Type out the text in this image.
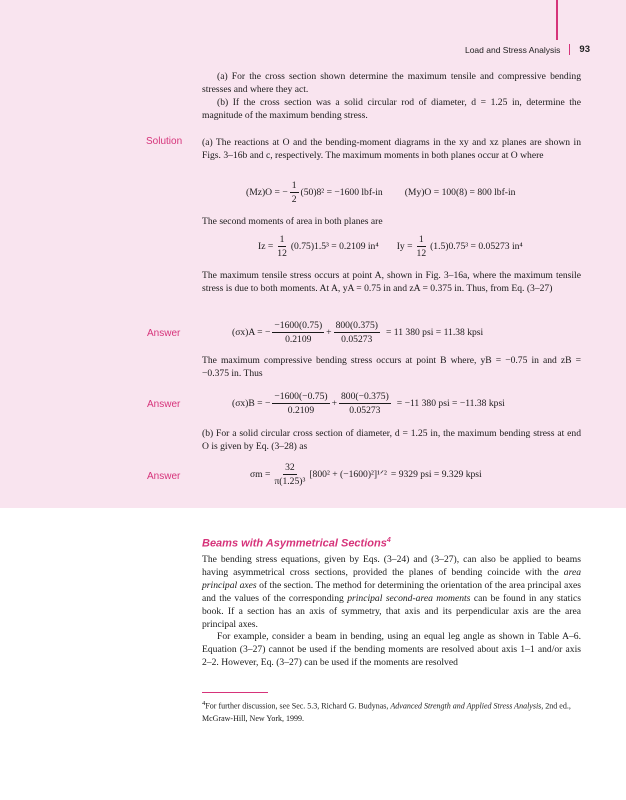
Load and Stress Analysis 93

(a) For the cross section shown determine the maximum tensile and compressive bending stresses and where they act.

(b) If the cross section was a solid circular rod of diameter, d = 1.25 in, determine the magnitude of the maximum bending stress.

Solution (a) The reactions at O and the bending-moment diagrams in the xy and xz planes are shown in Figs. 3–16b and c, respectively. The maximum moments in both planes occur at O where

(Mz)O = − $\frac{1}{2} (50)8^2 = -1600$ lbf-in (My)O = 100(8) = 800 lbf-in

The second moments of area in both planes are

$Iz = \frac{1}{12} (0.75)1.5^3 = 0.2109$ in⁴ $Iy = \frac{1}{12} (1.5)0.75^3 = 0.05273$ in⁴

The maximum tensile stress occurs at point A, shown in Fig. 3–16a, where the maximum tensile stress is due to both moments. At A, yA = 0.75 in and zA = 0.375 in. Thus, from Eq. (3–27)

Answer	(σx)A = − $\frac{-1600(0.75)}{0.2109} + \frac{800(0.375)}{0.05273} = 11$ 380 psi = 11.38 kpsi

The maximum compressive bending stress occurs at point B where, yB = −0.75 in and zB = −0.375 in. Thus

Answer	(σx)B = − $\frac{-1600(-0.75)}{0.2109} + \frac{800(-0.375)}{0.05273} = -11$ 380 psi = −11.38 kpsi

(b) For a solid circular cross section of diameter, d = 1.25 in, the maximum bending stress at end O is given by Eq. (3–28) as

Answer	$\sigma m = \frac{32}{\text{π(1.25)³}} [800^2$ + (−1600)²]¹ᐟ² = 9329 psi = 9.329 kpsi
Beams with Asymmetrical Sections$^4$

The bending stress equations, given by Eqs. (3–24) and (3–27), can also be applied to beams having asymmetrical cross sections, provided the planes of bending coincide with the area principal axes of the section. The method for determining the orientation of the area principal axes and the values of the corresponding principal second-area moments can be found in any statics book. If a section has an axis of symmetry, that axis and its perpendicular axis are the area principal axes.

For example, consider a beam in bending, using an equal leg angle as shown in Table A–6. Equation (3–27) cannot be used if the bending moments are resolved about axis 1–1 and/or axis 2–2. However, Eq. (3–27) can be used if the moments are resolved

$^4$For further discussion, see Sec. 5.3, Richard G. Budynas, Advanced Strength and Applied Stress Analysis, 2nd ed., McGraw-Hill, New York, 1999.
